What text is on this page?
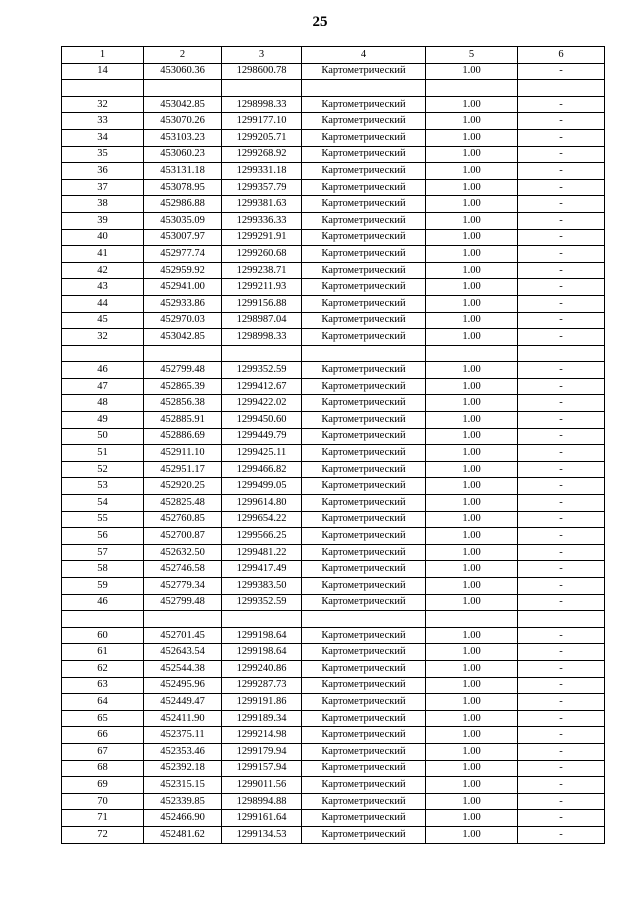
25
1	2	3	4	5	6
14	453060.36	1298600.78	Картометрический	1.00	-

32	453042.85	1298998.33	Картометрический	1.00	-
33	453070.26	1299177.10	Картометрический	1.00	-
34	453103.23	1299205.71	Картометрический	1.00	-
35	453060.23	1299268.92	Картометрический	1.00	-
36	453131.18	1299331.18	Картометрический	1.00	-
37	453078.95	1299357.79	Картометрический	1.00	-
38	452986.88	1299381.63	Картометрический	1.00	-
39	453035.09	1299336.33	Картометрический	1.00	-
40	453007.97	1299291.91	Картометрический	1.00	-
41	452977.74	1299260.68	Картометрический	1.00	-
42	452959.92	1299238.71	Картометрический	1.00	-
43	452941.00	1299211.93	Картометрический	1.00	-
44	452933.86	1299156.88	Картометрический	1.00	-
45	452970.03	1298987.04	Картометрический	1.00	-
32	453042.85	1298998.33	Картометрический	1.00	-

46	452799.48	1299352.59	Картометрический	1.00	-
47	452865.39	1299412.67	Картометрический	1.00	-
48	452856.38	1299422.02	Картометрический	1.00	-
49	452885.91	1299450.60	Картометрический	1.00	-
50	452886.69	1299449.79	Картометрический	1.00	-
51	452911.10	1299425.11	Картометрический	1.00	-
52	452951.17	1299466.82	Картометрический	1.00	-
53	452920.25	1299499.05	Картометрический	1.00	-
54	452825.48	1299614.80	Картометрический	1.00	-
55	452760.85	1299654.22	Картометрический	1.00	-
56	452700.87	1299566.25	Картометрический	1.00	-
57	452632.50	1299481.22	Картометрический	1.00	-
58	452746.58	1299417.49	Картометрический	1.00	-
59	452779.34	1299383.50	Картометрический	1.00	-
46	452799.48	1299352.59	Картометрический	1.00	-

60	452701.45	1299198.64	Картометрический	1.00	-
61	452643.54	1299198.64	Картометрический	1.00	-
62	452544.38	1299240.86	Картометрический	1.00	-
63	452495.96	1299287.73	Картометрический	1.00	-
64	452449.47	1299191.86	Картометрический	1.00	-
65	452411.90	1299189.34	Картометрический	1.00	-
66	452375.11	1299214.98	Картометрический	1.00	-
67	452353.46	1299179.94	Картометрический	1.00	-
68	452392.18	1299157.94	Картометрический	1.00	-
69	452315.15	1299011.56	Картометрический	1.00	-
70	452339.85	1298994.88	Картометрический	1.00	-
71	452466.90	1299161.64	Картометрический	1.00	-
72	452481.62	1299134.53	Картометрический	1.00	-
